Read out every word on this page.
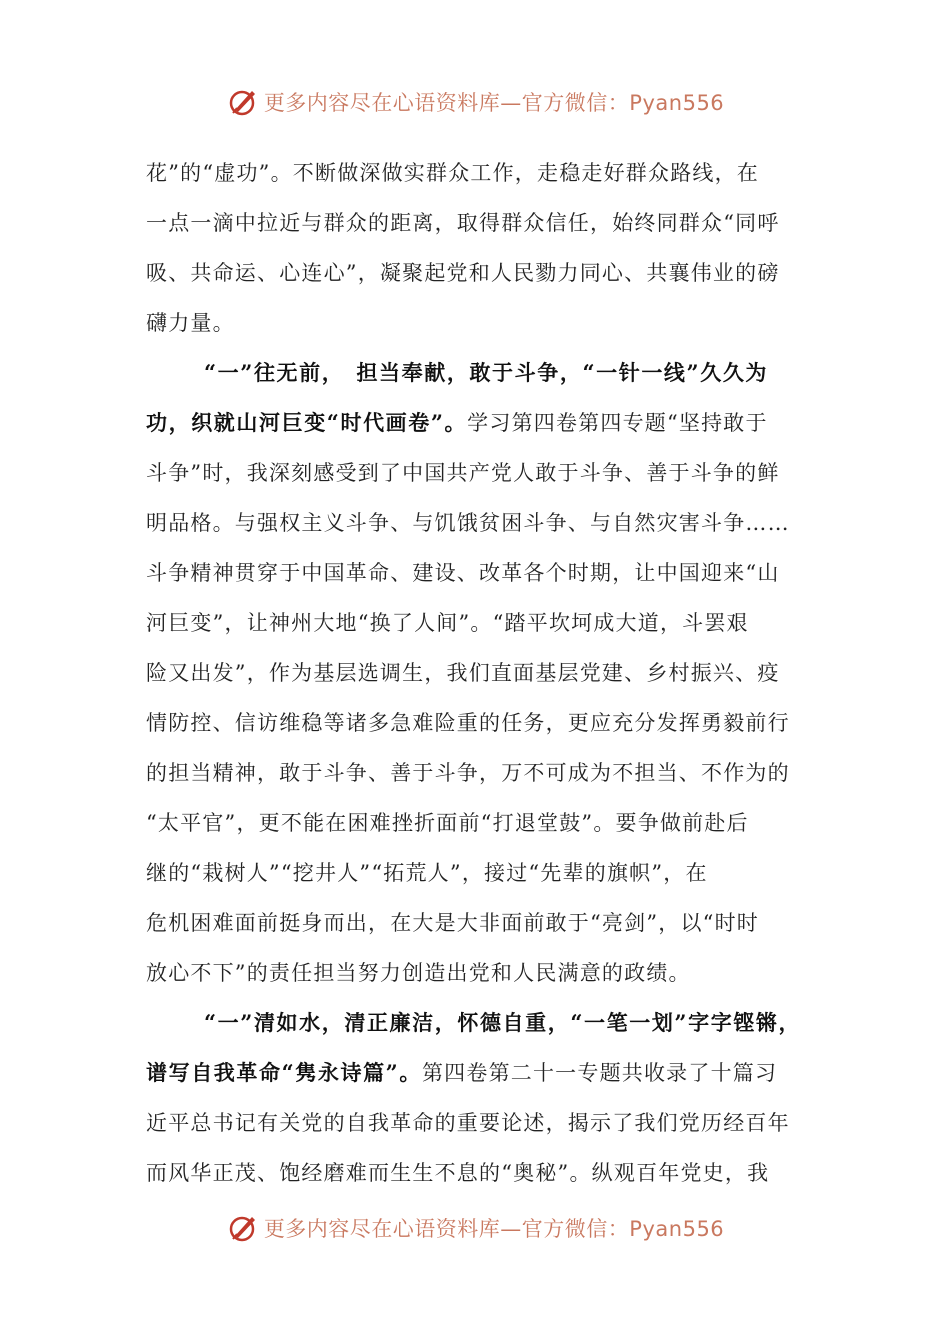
更多内容尽在心语资料库—官方微信：Pyan556
花”的“虚功”。不断做深做实群众工作，走稳走好群众路线，在
一点一滴中拉近与群众的距离，取得群众信任，始终同群众“同呼
吸、共命运、心连心”，凝聚起党和人民勠力同心、共襄伟业的磅
礴力量。
“一”往无前，　担当奉献，敢于斗争，“一针一线”久久为
功，织就山河巨变“时代画卷”。学习第四卷第四专题“坚持敢于
斗争”时，我深刻感受到了中国共产党人敢于斗争、善于斗争的鲜
明品格。与强权主义斗争、与饥饿贫困斗争、与自然灾害斗争……
斗争精神贯穿于中国革命、建设、改革各个时期，让中国迎来“山
河巨变”，让神州大地“换了人间”。“踏平坎坷成大道，斗罢艰
险又出发”，作为基层选调生，我们直面基层党建、乡村振兴、疫
情防控、信访维稳等诸多急难险重的任务，更应充分发挥勇毅前行
的担当精神，敢于斗争、善于斗争，万不可成为不担当、不作为的
“太平官”，更不能在困难挫折面前“打退堂鼓”。要争做前赴后
继的“栽树人”“挖井人”“拓荒人”，接过“先辈的旗帜”，在
危机困难面前挺身而出，在大是大非面前敢于“亮剑”，以“时时
放心不下”的责任担当努力创造出党和人民满意的政绩。
“一”清如水，清正廉洁，怀德自重，“一笔一划”字字铿锵，
谱写自我革命“隽永诗篇”。第四卷第二十一专题共收录了十篇习
近平总书记有关党的自我革命的重要论述，揭示了我们党历经百年
而风华正茂、饱经磨难而生生不息的“奥秘”。纵观百年党史，我
更多内容尽在心语资料库—官方微信：Pyan556
